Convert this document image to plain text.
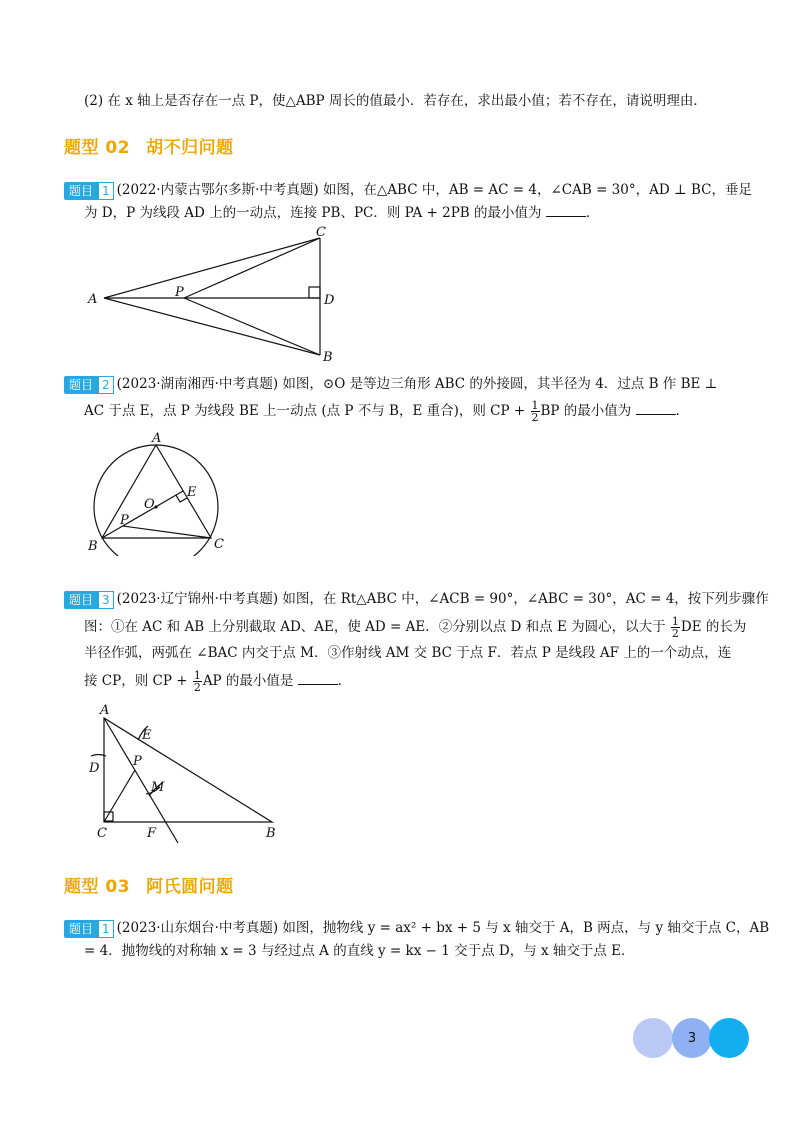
(2) 在 x 轴上是否存在一点 P，使△ABP 周长的值最小．若存在，求出最小值；若不存在，请说明理由．
题型 02 胡不归问题
题目 1 (2022·内蒙古鄂尔多斯·中考真题) 如图，在△ABC 中，AB = AC = 4，∠CAB = 30°，AD ⊥ BC，垂足
为 D，P 为线段 AD 上的一动点，连接 PB、PC．则 PA + 2PB 的最小值为	．
A	P
C
D
B
题目 2 (2023·湖南湘西·中考真题) 如图，⊙O 是等边三角形 ABC 的外接圆，其半径为 4．过点 B 作 BE ⊥
AC 于点 E，点 P 为线段 BE 上一动点 (点 P 不与 B，E 重合)，则 CP + $\frac{1}{2}$ BP 的最小值为	．
A
O
E
P
B	C
题目 3 (2023·辽宁锦州·中考真题) 如图，在 Rt△ABC 中，∠ACB = 90°，∠ABC = 30°，AC = 4，按下列步骤作
图：①在 AC 和 AB 上分别截取 AD、AE，使 AD = AE．②分别以点 D 和点 E 为圆心，以大于 $\frac{1}{2}$ DE 的长为
半径作弧，两弧在 ∠BAC 内交于点 M．③作射线 AM 交 BC 于点 F．若点 P 是线段 AF 上的一个动点，连
接 CP，则 CP + $\frac{1}{2}$ AP 的最小值是	．
A
E
D	P
M
C	F	B
题型 03 阿氏圆问题
题目 1 (2023·山东烟台·中考真题) 如图，抛物线 y = ax² + bx + 5 与 x 轴交于 A，B 两点，与 y 轴交于点 C，AB
= 4．抛物线的对称轴 x = 3 与经过点 A 的直线 y = kx − 1 交于点 D，与 x 轴交于点 E．
3
